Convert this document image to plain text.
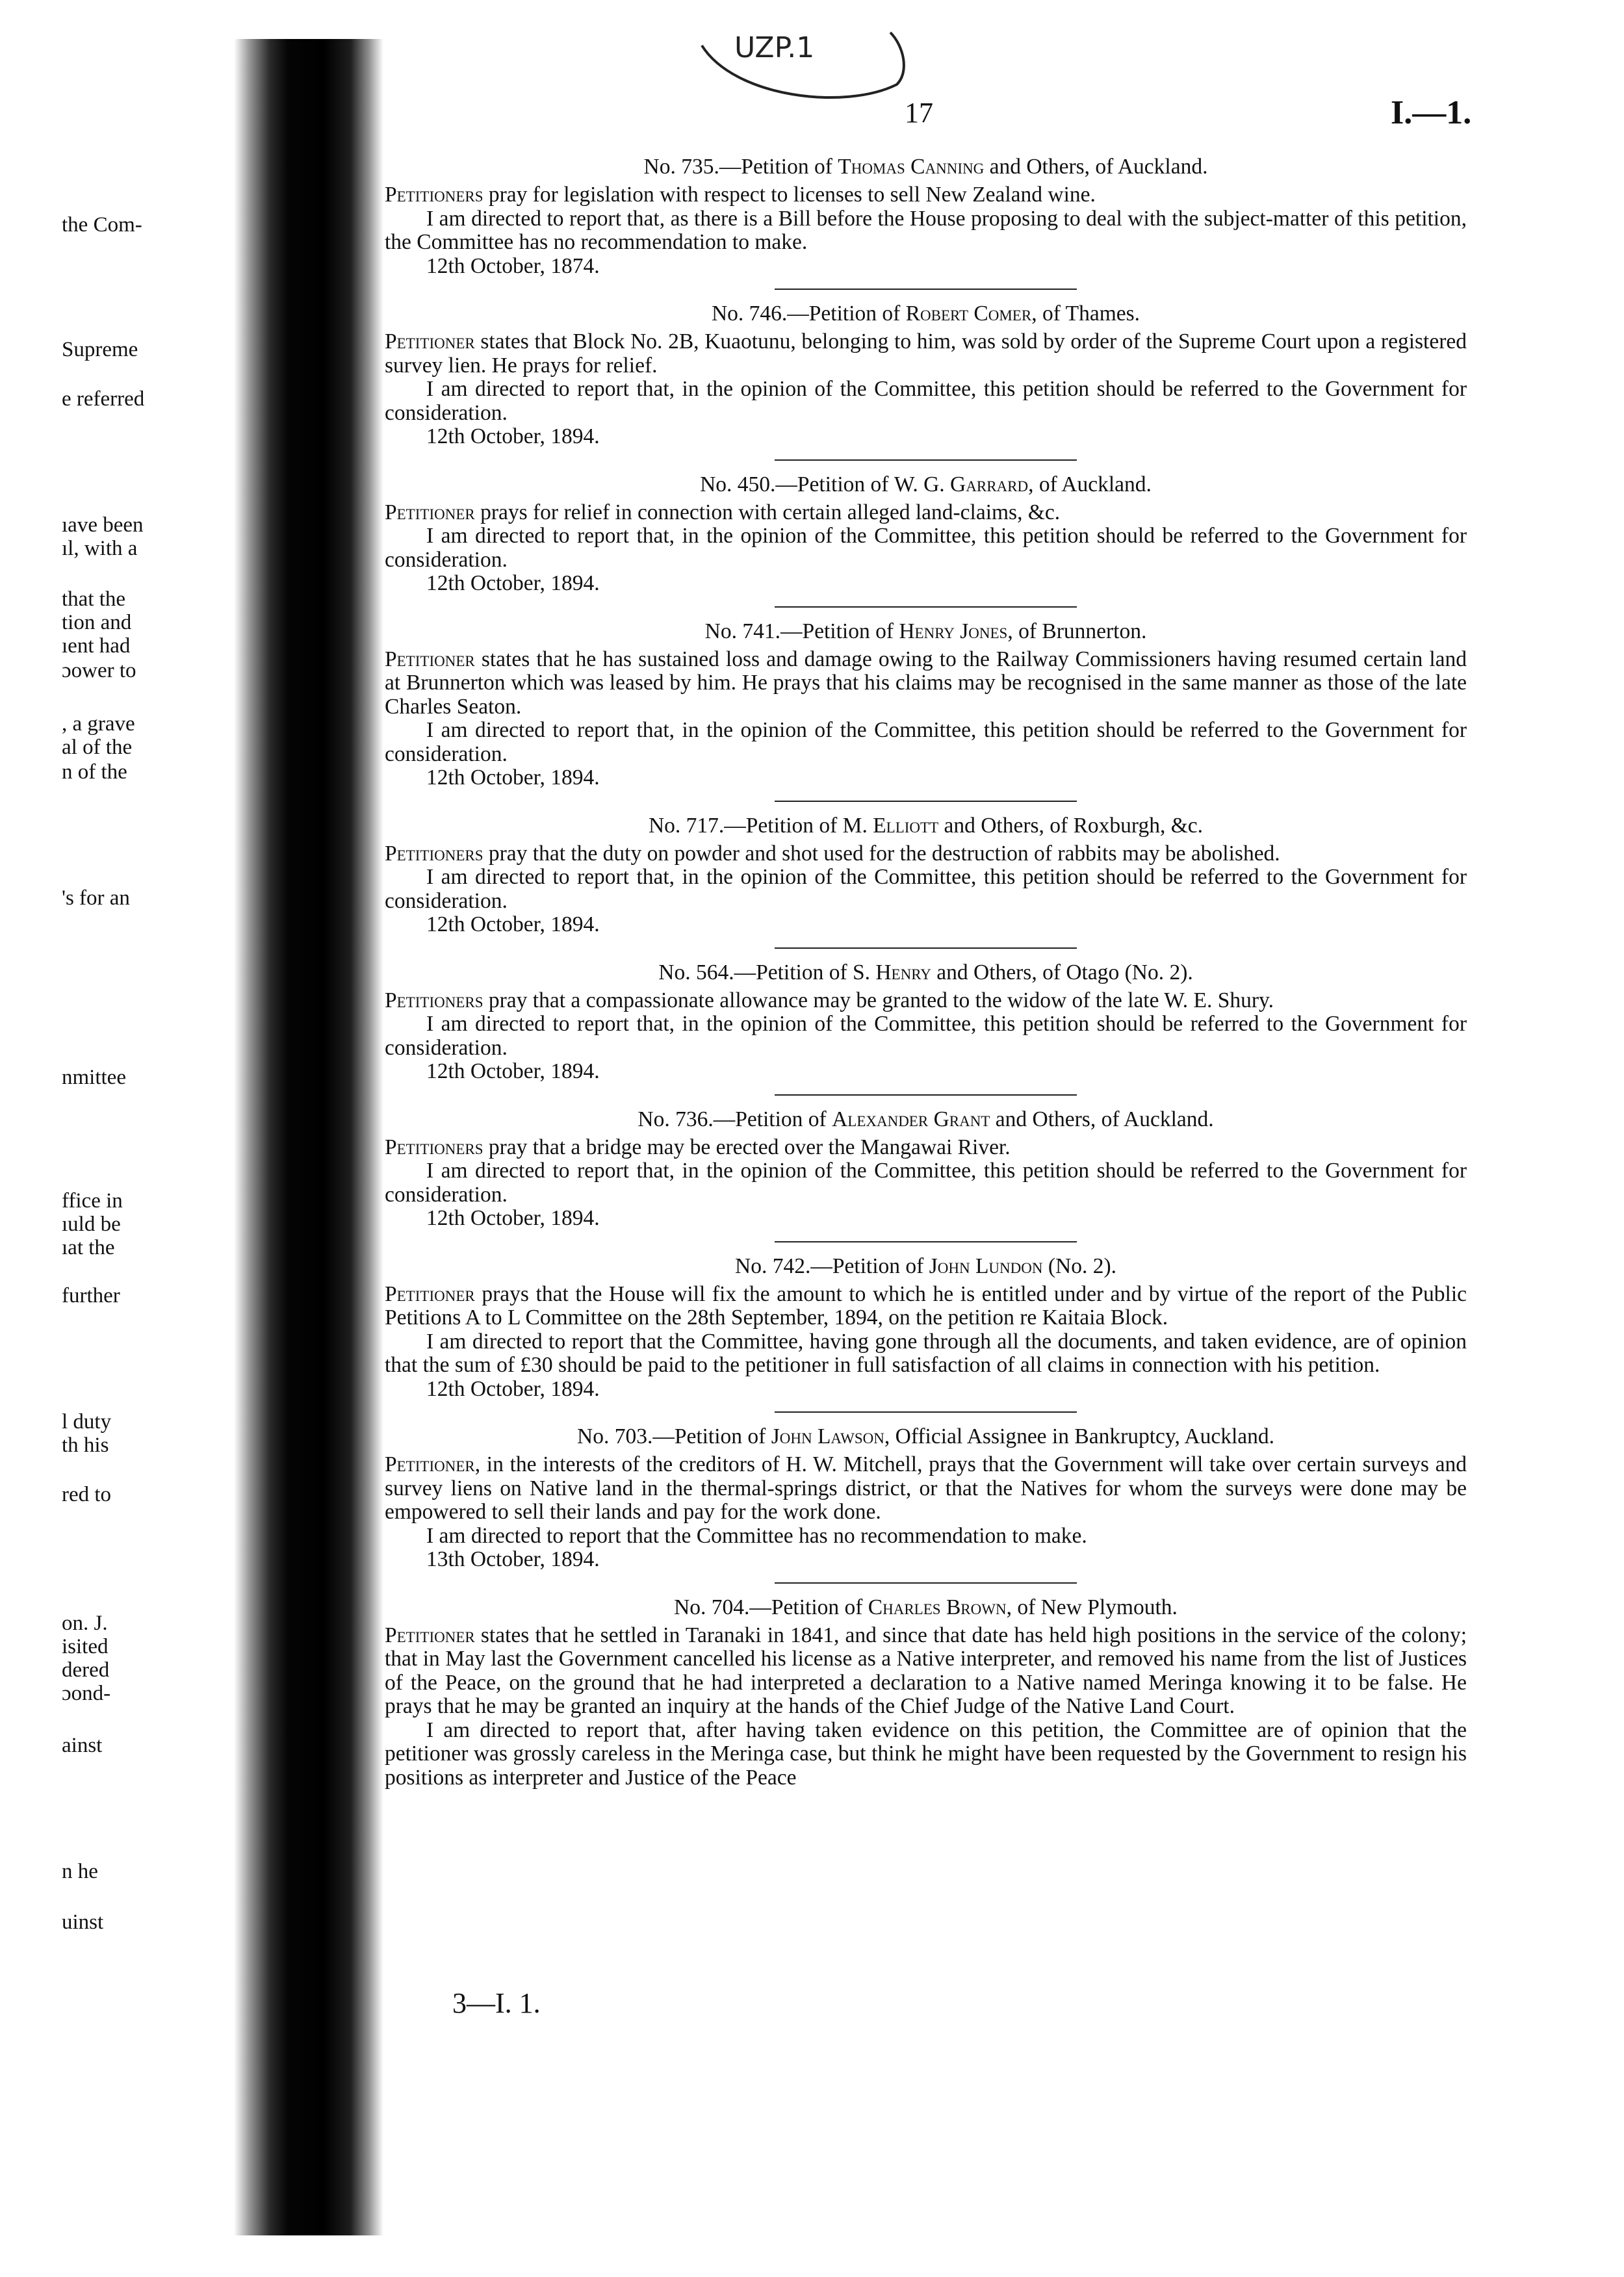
the Com-
Supreme
e referred
ıave been
ıl, with a
that the
tion and
ıent had
ɔower to
, a grave
al of the
n of the
's for an
nmittee
ffice in
ıuld be
ıat the
further
l duty
th his
red to
on. J.
isited
dered
ɔond-
ainst
n he
uinst
UZP.1
17	I.—1.
No. 735.—Petition of Thomas Canning and Others, of Auckland.

Petitioners pray for legislation with respect to licenses to sell New Zealand wine.

I am directed to report that, as there is a Bill before the House proposing to deal with the subject-matter of this petition, the Committee has no recommendation to make.

12th October, 1874.

No. 746.—Petition of Robert Comer, of Thames.

Petitioner states that Block No. 2B, Kuaotunu, belonging to him, was sold by order of the Supreme Court upon a registered survey lien. He prays for relief.

I am directed to report that, in the opinion of the Committee, this petition should be referred to the Government for consideration.

12th October, 1894.

No. 450.—Petition of W. G. Garrard, of Auckland.

Petitioner prays for relief in connection with certain alleged land-claims, &c.

I am directed to report that, in the opinion of the Committee, this petition should be referred to the Government for consideration.

12th October, 1894.

No. 741.—Petition of Henry Jones, of Brunnerton.

Petitioner states that he has sustained loss and damage owing to the Railway Commissioners having resumed certain land at Brunnerton which was leased by him. He prays that his claims may be recognised in the same manner as those of the late Charles Seaton.

I am directed to report that, in the opinion of the Committee, this petition should be referred to the Government for consideration.

12th October, 1894.

No. 717.—Petition of M. Elliott and Others, of Roxburgh, &c.

Petitioners pray that the duty on powder and shot used for the destruction of rabbits may be abolished.

I am directed to report that, in the opinion of the Committee, this petition should be referred to the Government for consideration.

12th October, 1894.

No. 564.—Petition of S. Henry and Others, of Otago (No. 2).

Petitioners pray that a compassionate allowance may be granted to the widow of the late W. E. Shury.

I am directed to report that, in the opinion of the Committee, this petition should be referred to the Government for consideration.

12th October, 1894.

No. 736.—Petition of Alexander Grant and Others, of Auckland.

Petitioners pray that a bridge may be erected over the Mangawai River.

I am directed to report that, in the opinion of the Committee, this petition should be referred to the Government for consideration.

12th October, 1894.

No. 742.—Petition of John Lundon (No. 2).

Petitioner prays that the House will fix the amount to which he is entitled under and by virtue of the report of the Public Petitions A to L Committee on the 28th September, 1894, on the petition re Kaitaia Block.

I am directed to report that the Committee, having gone through all the documents, and taken evidence, are of opinion that the sum of £30 should be paid to the petitioner in full satisfaction of all claims in connection with his petition.

12th October, 1894.

No. 703.—Petition of John Lawson, Official Assignee in Bankruptcy, Auckland.

Petitioner, in the interests of the creditors of H. W. Mitchell, prays that the Government will take over certain surveys and survey liens on Native land in the thermal-springs district, or that the Natives for whom the surveys were done may be empowered to sell their lands and pay for the work done.

I am directed to report that the Committee has no recommendation to make.

13th October, 1894.

No. 704.—Petition of Charles Brown, of New Plymouth.

Petitioner states that he settled in Taranaki in 1841, and since that date has held high positions in the service of the colony; that in May last the Government cancelled his license as a Native interpreter, and removed his name from the list of Justices of the Peace, on the ground that he had interpreted a declaration to a Native named Meringa knowing it to be false. He prays that he may be granted an inquiry at the hands of the Chief Judge of the Native Land Court.

I am directed to report that, after having taken evidence on this petition, the Committee are of opinion that the petitioner was grossly careless in the Meringa case, but think he might have been requested by the Government to resign his positions as interpreter and Justice of the Peace

3—I. 1.
